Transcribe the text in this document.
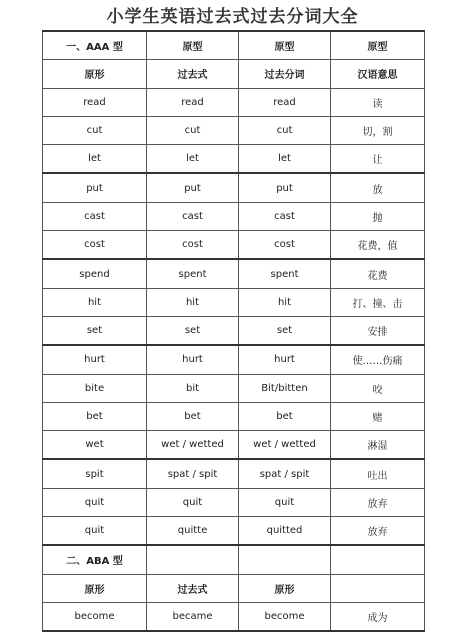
小学生英语过去式过去分词大全
一、AAA 型	原型	原型	原型
原形	过去式	过去分词	汉语意思
read	read	read	读
cut	cut	cut	切，割
let	let	let	让
put	put	put	放
cast	cast	cast	抛
cost	cost	cost	花费，值
spend	spent	spent	花费
hit	hit	hit	打、撞、击
set	set	set	安排
hurt	hurt	hurt	使……伤痛
bite	bit	Bit/bitten	咬
bet	bet	bet	赌
wet	wet / wetted	wet / wetted	淋湿
spit	spat / spit	spat / spit	吐出
quit	quit	quit	放弃
quit	quitte	quitted	放弃
二、ABA 型			
原形	过去式	原形	
become	became	become	成为
